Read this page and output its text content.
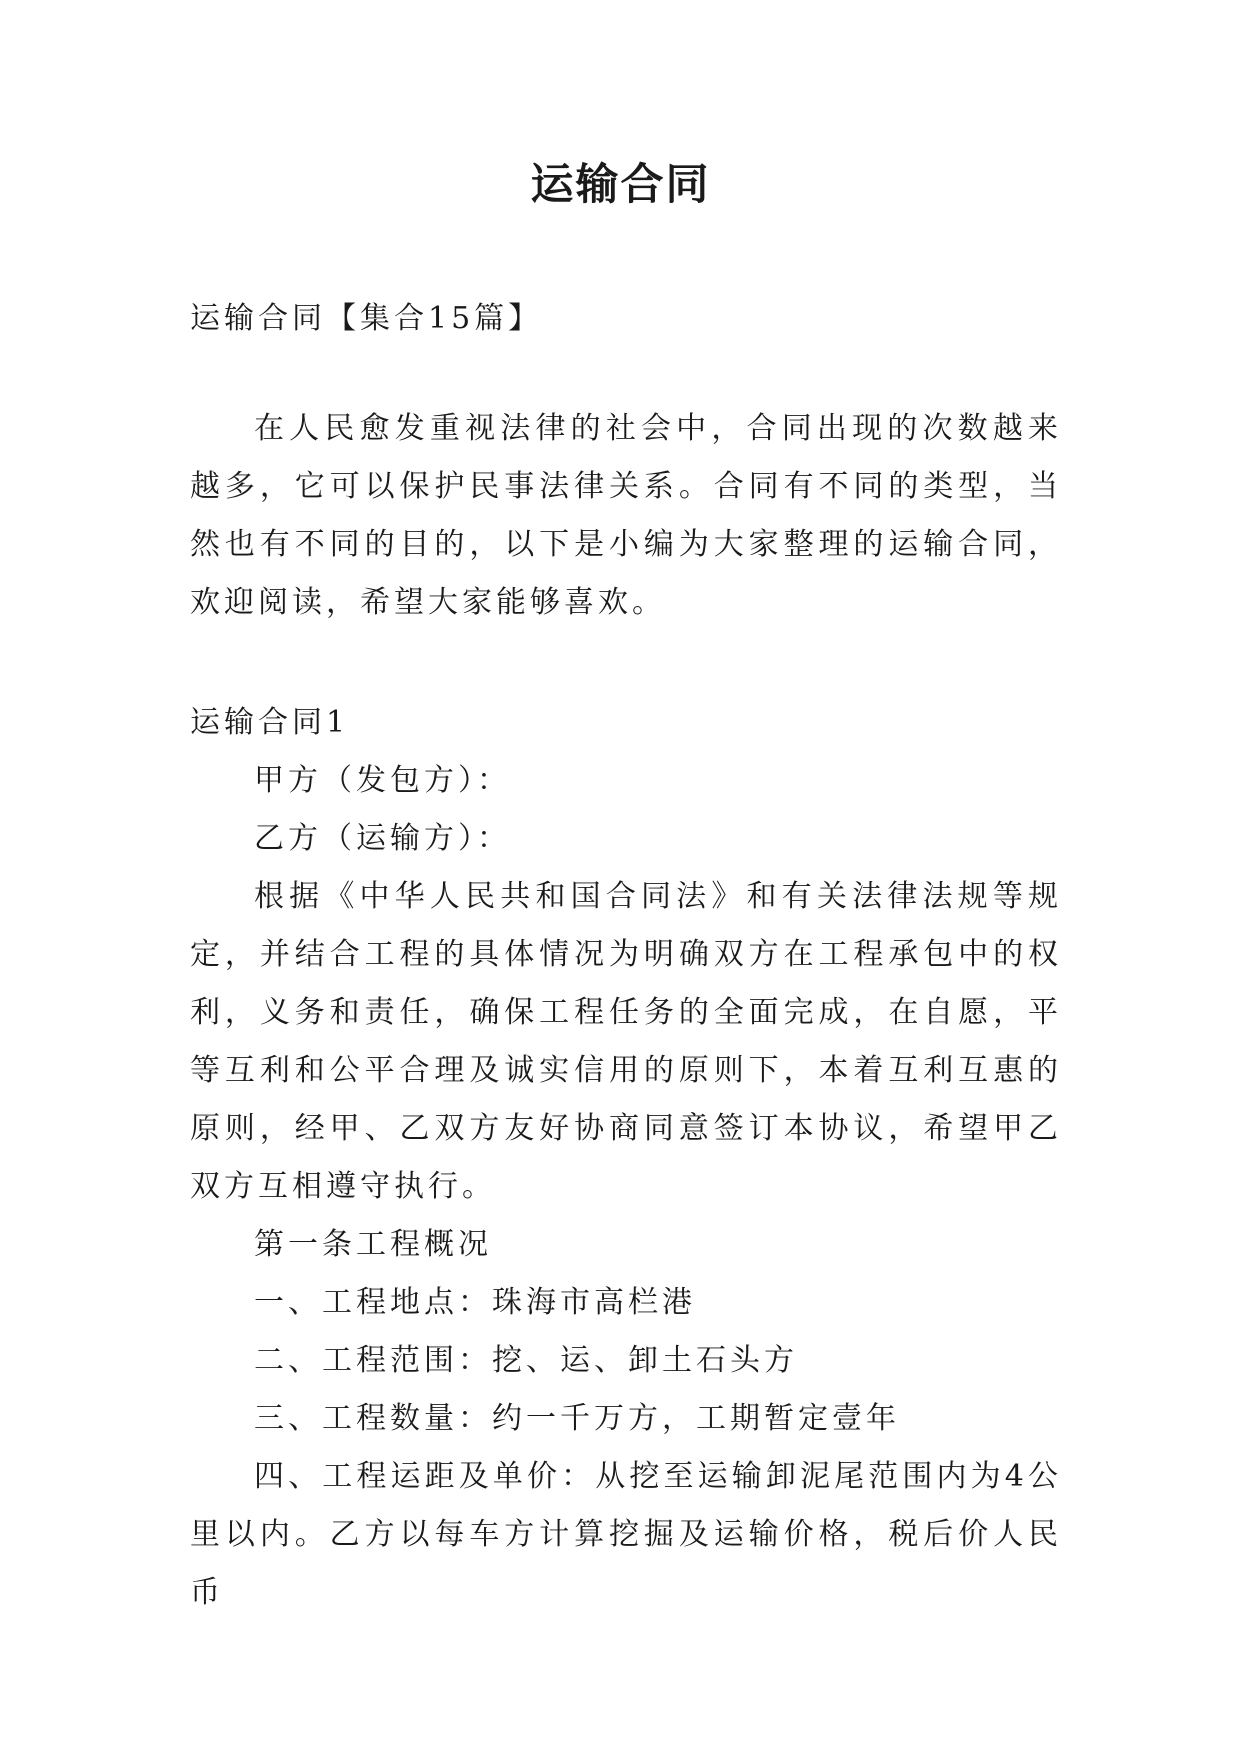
运输合同

运输合同【集合15篇】

在人民愈发重视法律的社会中，合同出现的次数越来越多，它可以保护民事法律关系。合同有不同的类型，当然也有不同的目的，以下是小编为大家整理的运输合同，欢迎阅读，希望大家能够喜欢。

运输合同1

甲方（发包方）：

乙方（运输方）：

根据《中华人民共和国合同法》和有关法律法规等规定，并结合工程的具体情况为明确双方在工程承包中的权利，义务和责任，确保工程任务的全面完成，在自愿，平等互利和公平合理及诚实信用的原则下，本着互利互惠的原则，经甲、乙双方友好协商同意签订本协议，希望甲乙双方互相遵守执行。

第一条工程概况

一、工程地点：珠海市高栏港

二、工程范围：挖、运、卸土石头方

三、工程数量：约一千万方，工期暂定壹年

四、工程运距及单价：从挖至运输卸泥尾范围内为4公里以内。乙方以每车方计算挖掘及运输价格，税后价人民币
